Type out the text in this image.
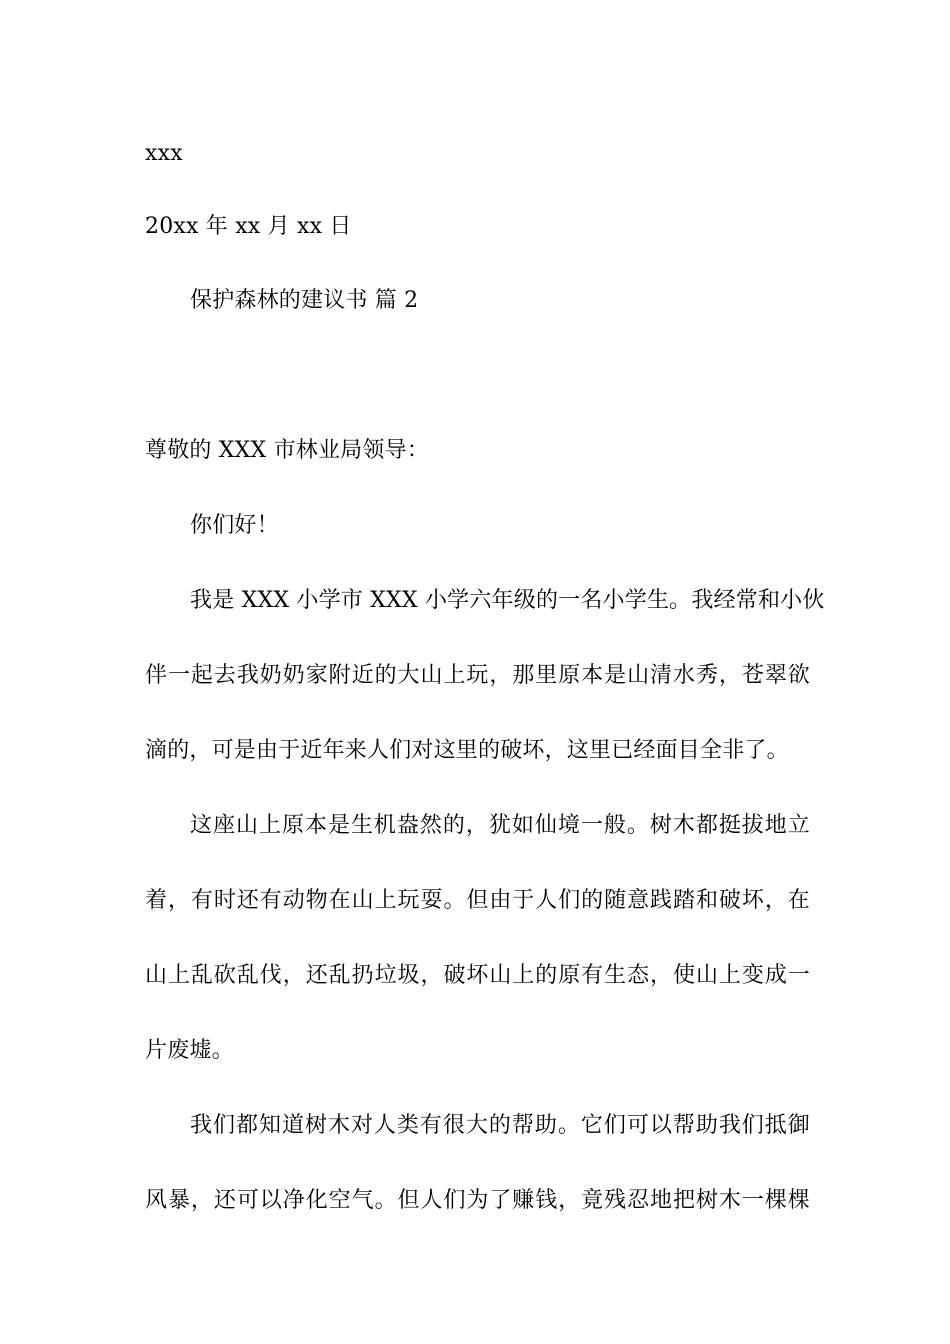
xxx
20xx 年 xx 月 xx 日
保护森林的建议书 篇 2
尊敬的 XXX 市林业局领导：
你们好！
我是 XXX 小学市 XXX 小学六年级的一名小学生。我经常和小伙
伴一起去我奶奶家附近的大山上玩，那里原本是山清水秀，苍翠欲
滴的，可是由于近年来人们对这里的破坏，这里已经面目全非了。
这座山上原本是生机盎然的，犹如仙境一般。树木都挺拔地立
着，有时还有动物在山上玩耍。但由于人们的随意践踏和破坏，在
山上乱砍乱伐，还乱扔垃圾，破坏山上的原有生态，使山上变成一
片废墟。
我们都知道树木对人类有很大的帮助。它们可以帮助我们抵御
风暴，还可以净化空气。但人们为了赚钱，竟残忍地把树木一棵棵
